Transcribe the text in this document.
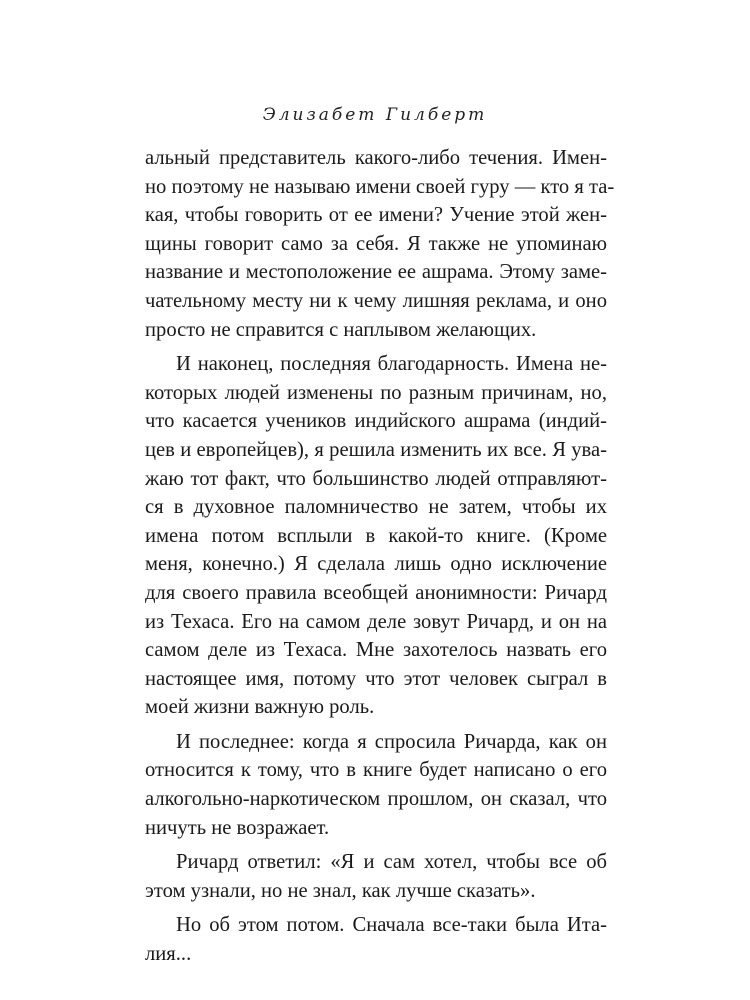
Элизабет Гилберт
альный представитель какого-либо течения. Имен-
но поэтому не называю имени своей гуру — кто я та-
кая, чтобы говорить от ее имени? Учение этой жен-
щины говорит само за себя. Я также не упоминаю
название и местоположение ее ашрама. Этому заме-
чательному месту ни к чему лишняя реклама, и оно
просто не справится с наплывом желающих.
И наконец, последняя благодарность. Имена не-
которых людей изменены по разным причинам, но,
что касается учеников индийского ашрама (индий-
цев и европейцев), я решила изменить их все. Я ува-
жаю тот факт, что большинство людей отправляют-
ся в духовное паломничество не затем, чтобы их
имена потом всплыли в какой-то книге. (Кроме
меня, конечно.) Я сделала лишь одно исключение
для своего правила всеобщей анонимности: Ричард
из Техаса. Его на самом деле зовут Ричард, и он на
самом деле из Техаса. Мне захотелось назвать его
настоящее имя, потому что этот человек сыграл в
моей жизни важную роль.
И последнее: когда я спросила Ричарда, как он
относится к тому, что в книге будет написано о его
алкогольно-наркотическом прошлом, он сказал, что
ничуть не возражает.
Ричард ответил: «Я и сам хотел, чтобы все об
этом узнали, но не знал, как лучше сказать».
Но об этом потом. Сначала все-таки была Ита-
лия...
